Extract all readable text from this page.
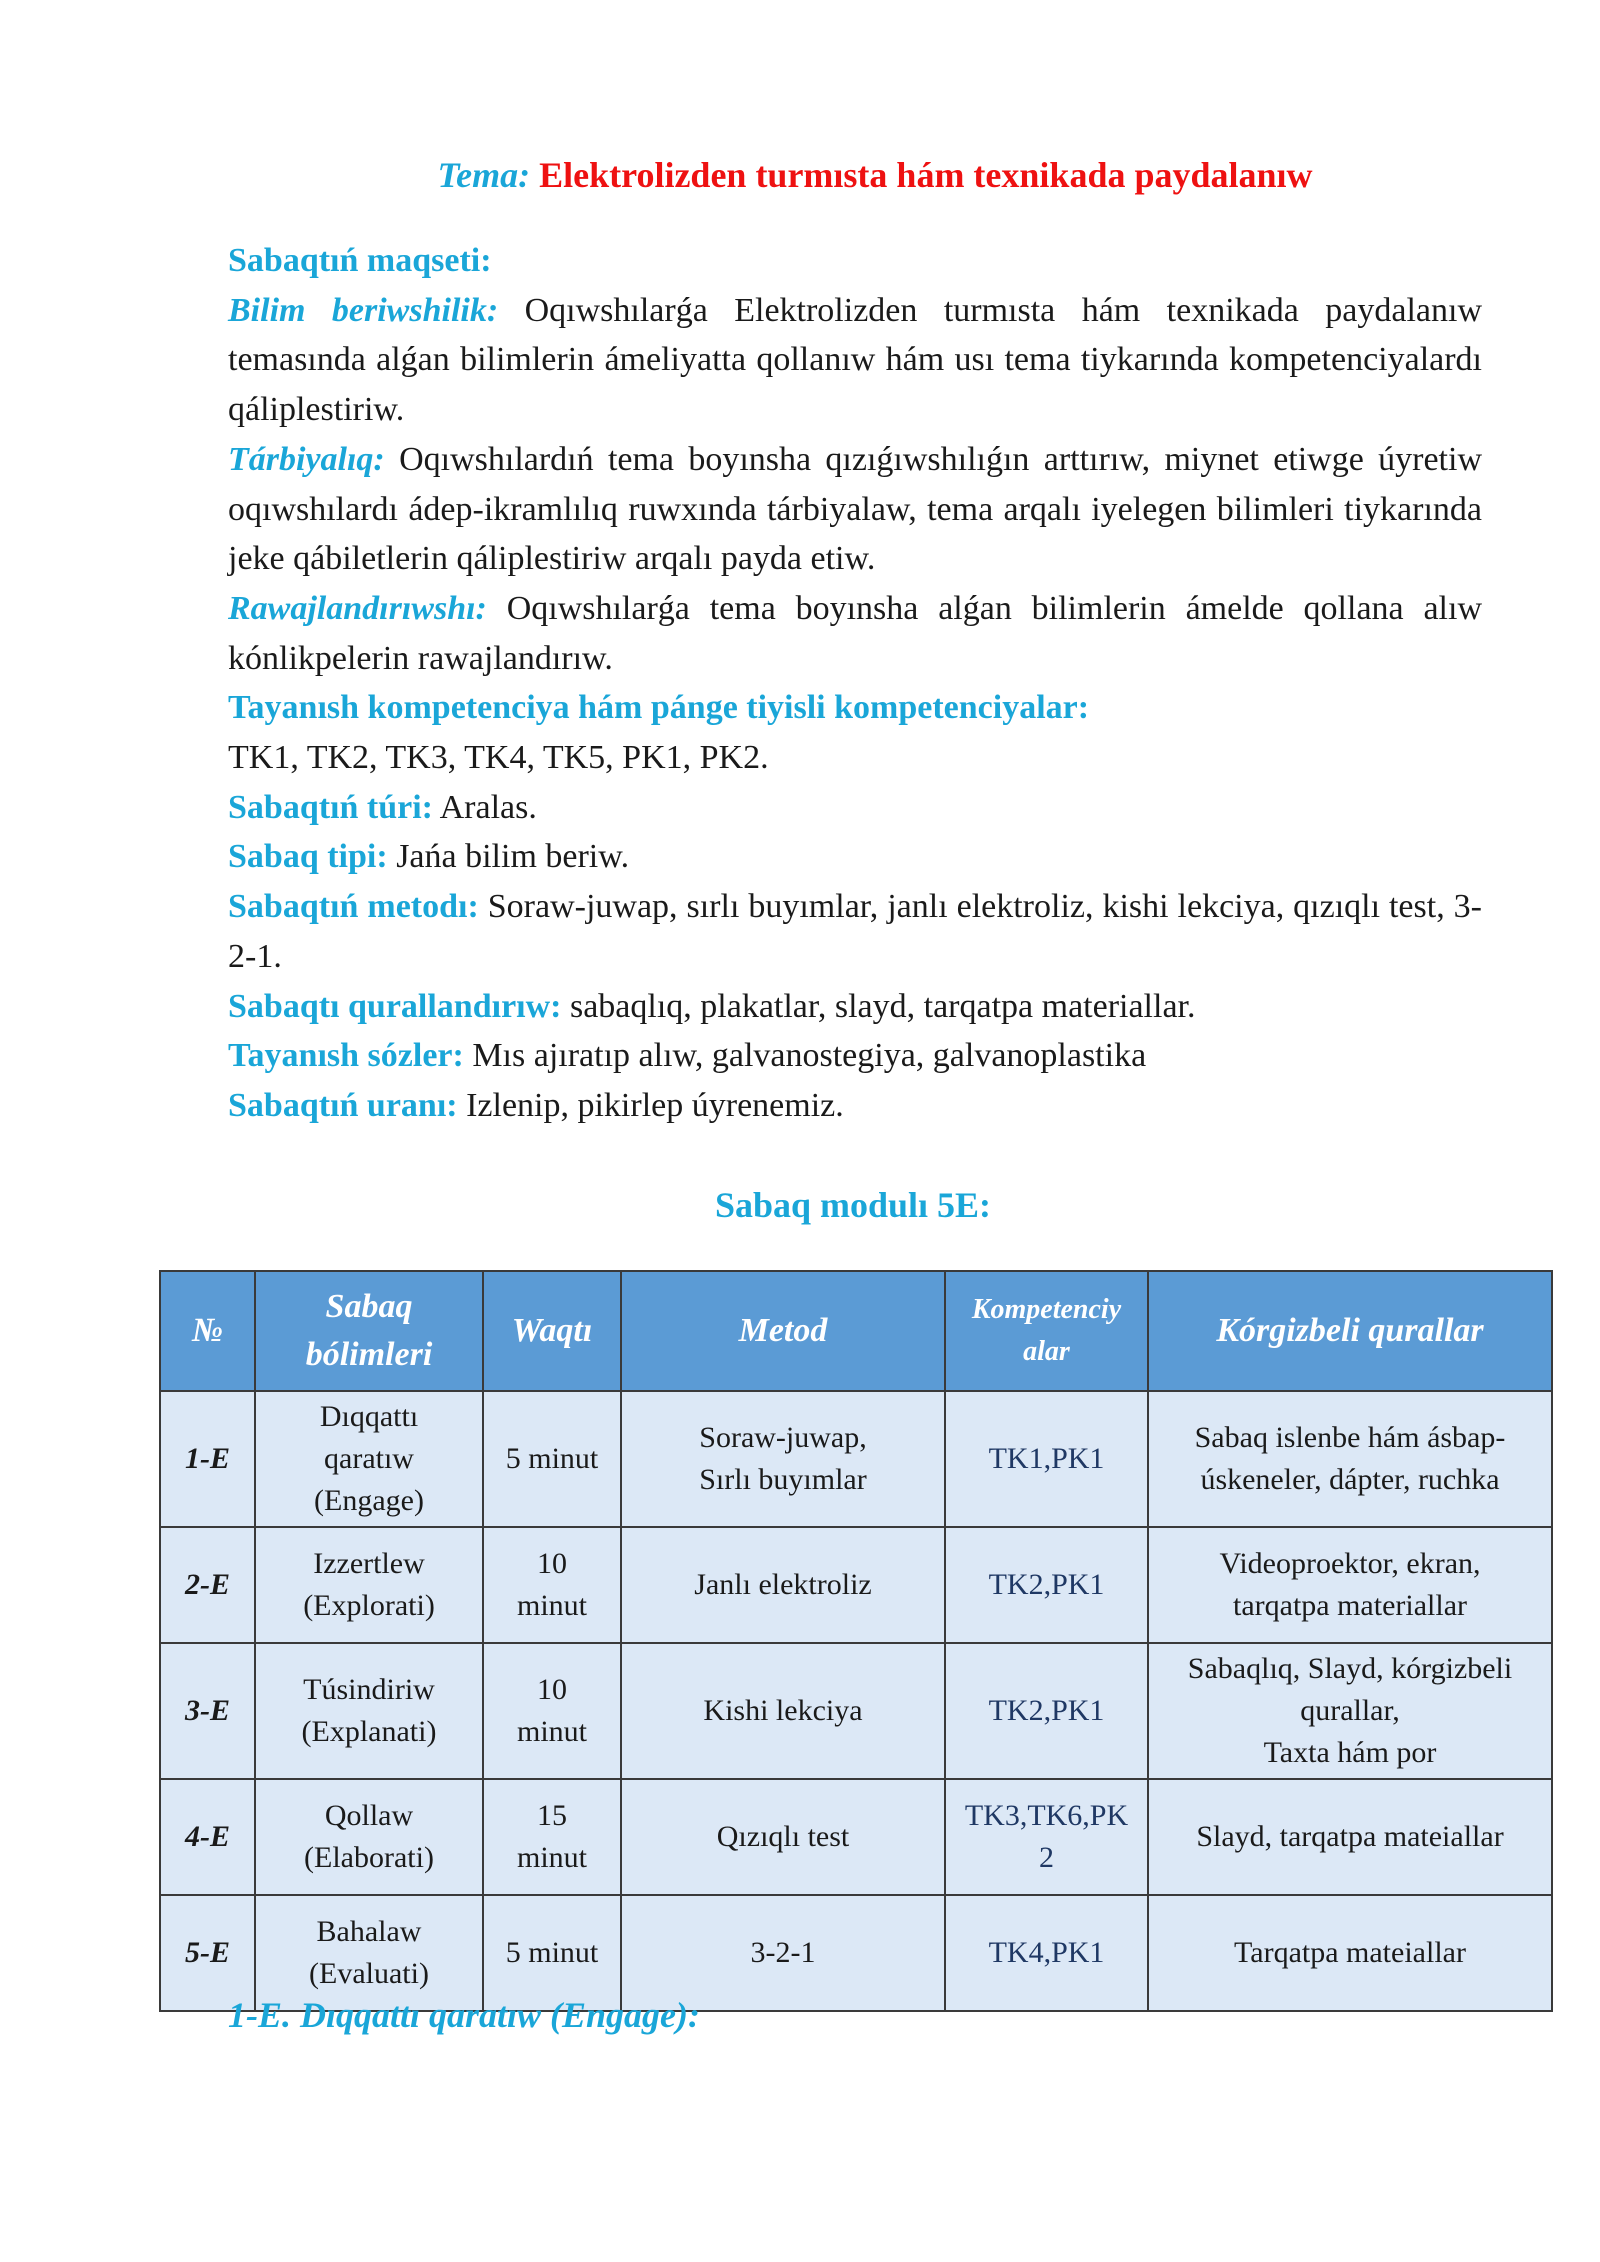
Tema: Elektrolizden turmısta hám texnikada paydalanıw

Sabaqtıń maqseti:

Bilim beriwshilik: Oqıwshılarǵa Elektrolizden turmısta hám texnikada paydalanıw temasında alǵan bilimlerin ámeliyatta qollanıw hám usı tema tiykarında kompetenciyalardı qáliplestiriw.

Tárbiyalıq: Oqıwshılardıń tema boyınsha qızıǵıwshılıǵın arttırıw, miynet etiwge úyretiw oqıwshılardı ádep-ikramlılıq ruwxında tárbiyalaw, tema arqalı iyelegen bilimleri tiykarında jeke qábiletlerin qáliplestiriw arqalı payda etiw.

Rawajlandırıwshı: Oqıwshılarǵa tema boyınsha alǵan bilimlerin ámelde qollana alıw kónlikpelerin rawajlandırıw.

Tayanısh kompetenciya hám pánge tiyisli kompetenciyalar:

TK1, TK2, TK3, TK4, TK5, PK1, PK2.

Sabaqtıń túri: Aralas.

Sabaq tipi: Jańa bilim beriw.

Sabaqtıń metodı: Soraw-juwap, sırlı buyımlar, janlı elektroliz, kishi lekciya, qızıqlı test, 3-2-1.

Sabaqtı qurallandırıw: sabaqlıq, plakatlar, slayd, tarqatpa materiallar.

Tayanısh sózler: Mıs ajıratıp alıw, galvanostegiya, galvanoplastika

Sabaqtıń uranı: Izlenip, pikirlep úyrenemiz.

Sabaq modulı 5E:
№	Sabaq
bólimleri	Waqtı	Metod	Kompetenciy
alar	Kórgizbeli qurallar
1-E	Dıqqattı
qaratıw
(Engage)	5 minut	Soraw-juwap,
Sırlı buyımlar	TK1,PK1	Sabaq islenbe hám ásbap-
úskeneler, dápter, ruchka
2-E	Izzertlew
(Explorati)	10
minut	Janlı elektroliz	TK2,PK1	Videoproektor, ekran,
tarqatpa materiallar
3-E	Túsindiriw
(Explanati)	10
minut	Kishi lekciya	TK2,PK1	Sabaqlıq, Slayd, kórgizbeli
qurallar,
Taxta hám por
4-E	Qollaw
(Elaborati)	15
minut	Qızıqlı test	TK3,TK6,PK
2	Slayd, tarqatpa mateiallar
5-E	Bahalaw
(Evaluati)	5 minut	3-2-1	TK4,PK1	Tarqatpa mateiallar
1-E. Dıqqattı qaratıw (Engage):
